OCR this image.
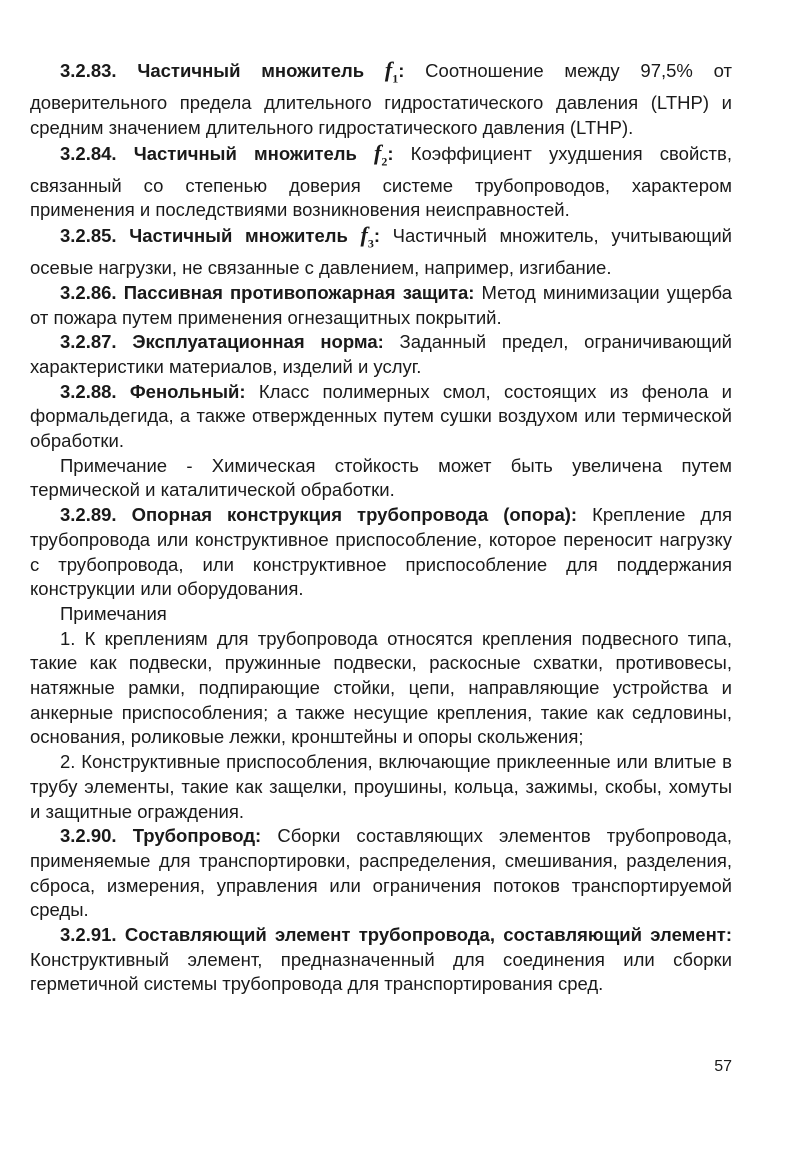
3.2.83. Частичный множитель $f_1$: Соотношение между 97,5% от доверительного предела длительного гидростатического давления (LTHP) и средним значением длительного гидростатического давления (LTHP).

3.2.84. Частичный множитель $f_2$: Коэффициент ухудшения свойств, связанный со степенью доверия системе трубопроводов, характером применения и последствиями возникновения неисправностей.

3.2.85. Частичный множитель $f_3$: Частичный множитель, учитывающий осевые нагрузки, не связанные с давлением, например, изгибание.

3.2.86. Пассивная противопожарная защита: Метод минимизации ущерба от пожара путем применения огнезащитных покрытий.

3.2.87. Эксплуатационная норма: Заданный предел, ограничивающий характеристики материалов, изделий и услуг.

3.2.88. Фенольный: Класс полимерных смол, состоящих из фенола и формальдегида, а также отвержденных путем сушки воздухом или термической обработки.

Примечание - Химическая стойкость может быть увеличена путем термической и каталитической обработки.

3.2.89. Опорная конструкция трубопровода (опора): Крепление для трубопровода или конструктивное приспособление, которое переносит нагрузку с трубопровода, или конструктивное приспособление для поддержания конструкции или оборудования.

Примечания

1. К креплениям для трубопровода относятся крепления подвесного типа, такие как подвески, пружинные подвески, раскосные схватки, противовесы, натяжные рамки, подпирающие стойки, цепи, направляющие устройства и анкерные приспособления; а также несущие крепления, такие как седловины, основания, роликовые лежки, кронштейны и опоры скольжения;

2. Конструктивные приспособления, включающие приклеенные или влитые в трубу элементы, такие как защелки, проушины, кольца, зажимы, скобы, хомуты и защитные ограждения.

3.2.90. Трубопровод: Сборки составляющих элементов трубопровода, применяемые для транспортировки, распределения, смешивания, разделения, сброса, измерения, управления или ограничения потоков транспортируемой среды.

3.2.91. Составляющий элемент трубопровода, составляющий элемент: Конструктивный элемент, предназначенный для соединения или сборки герметичной системы трубопровода для транспортирования сред.

57
